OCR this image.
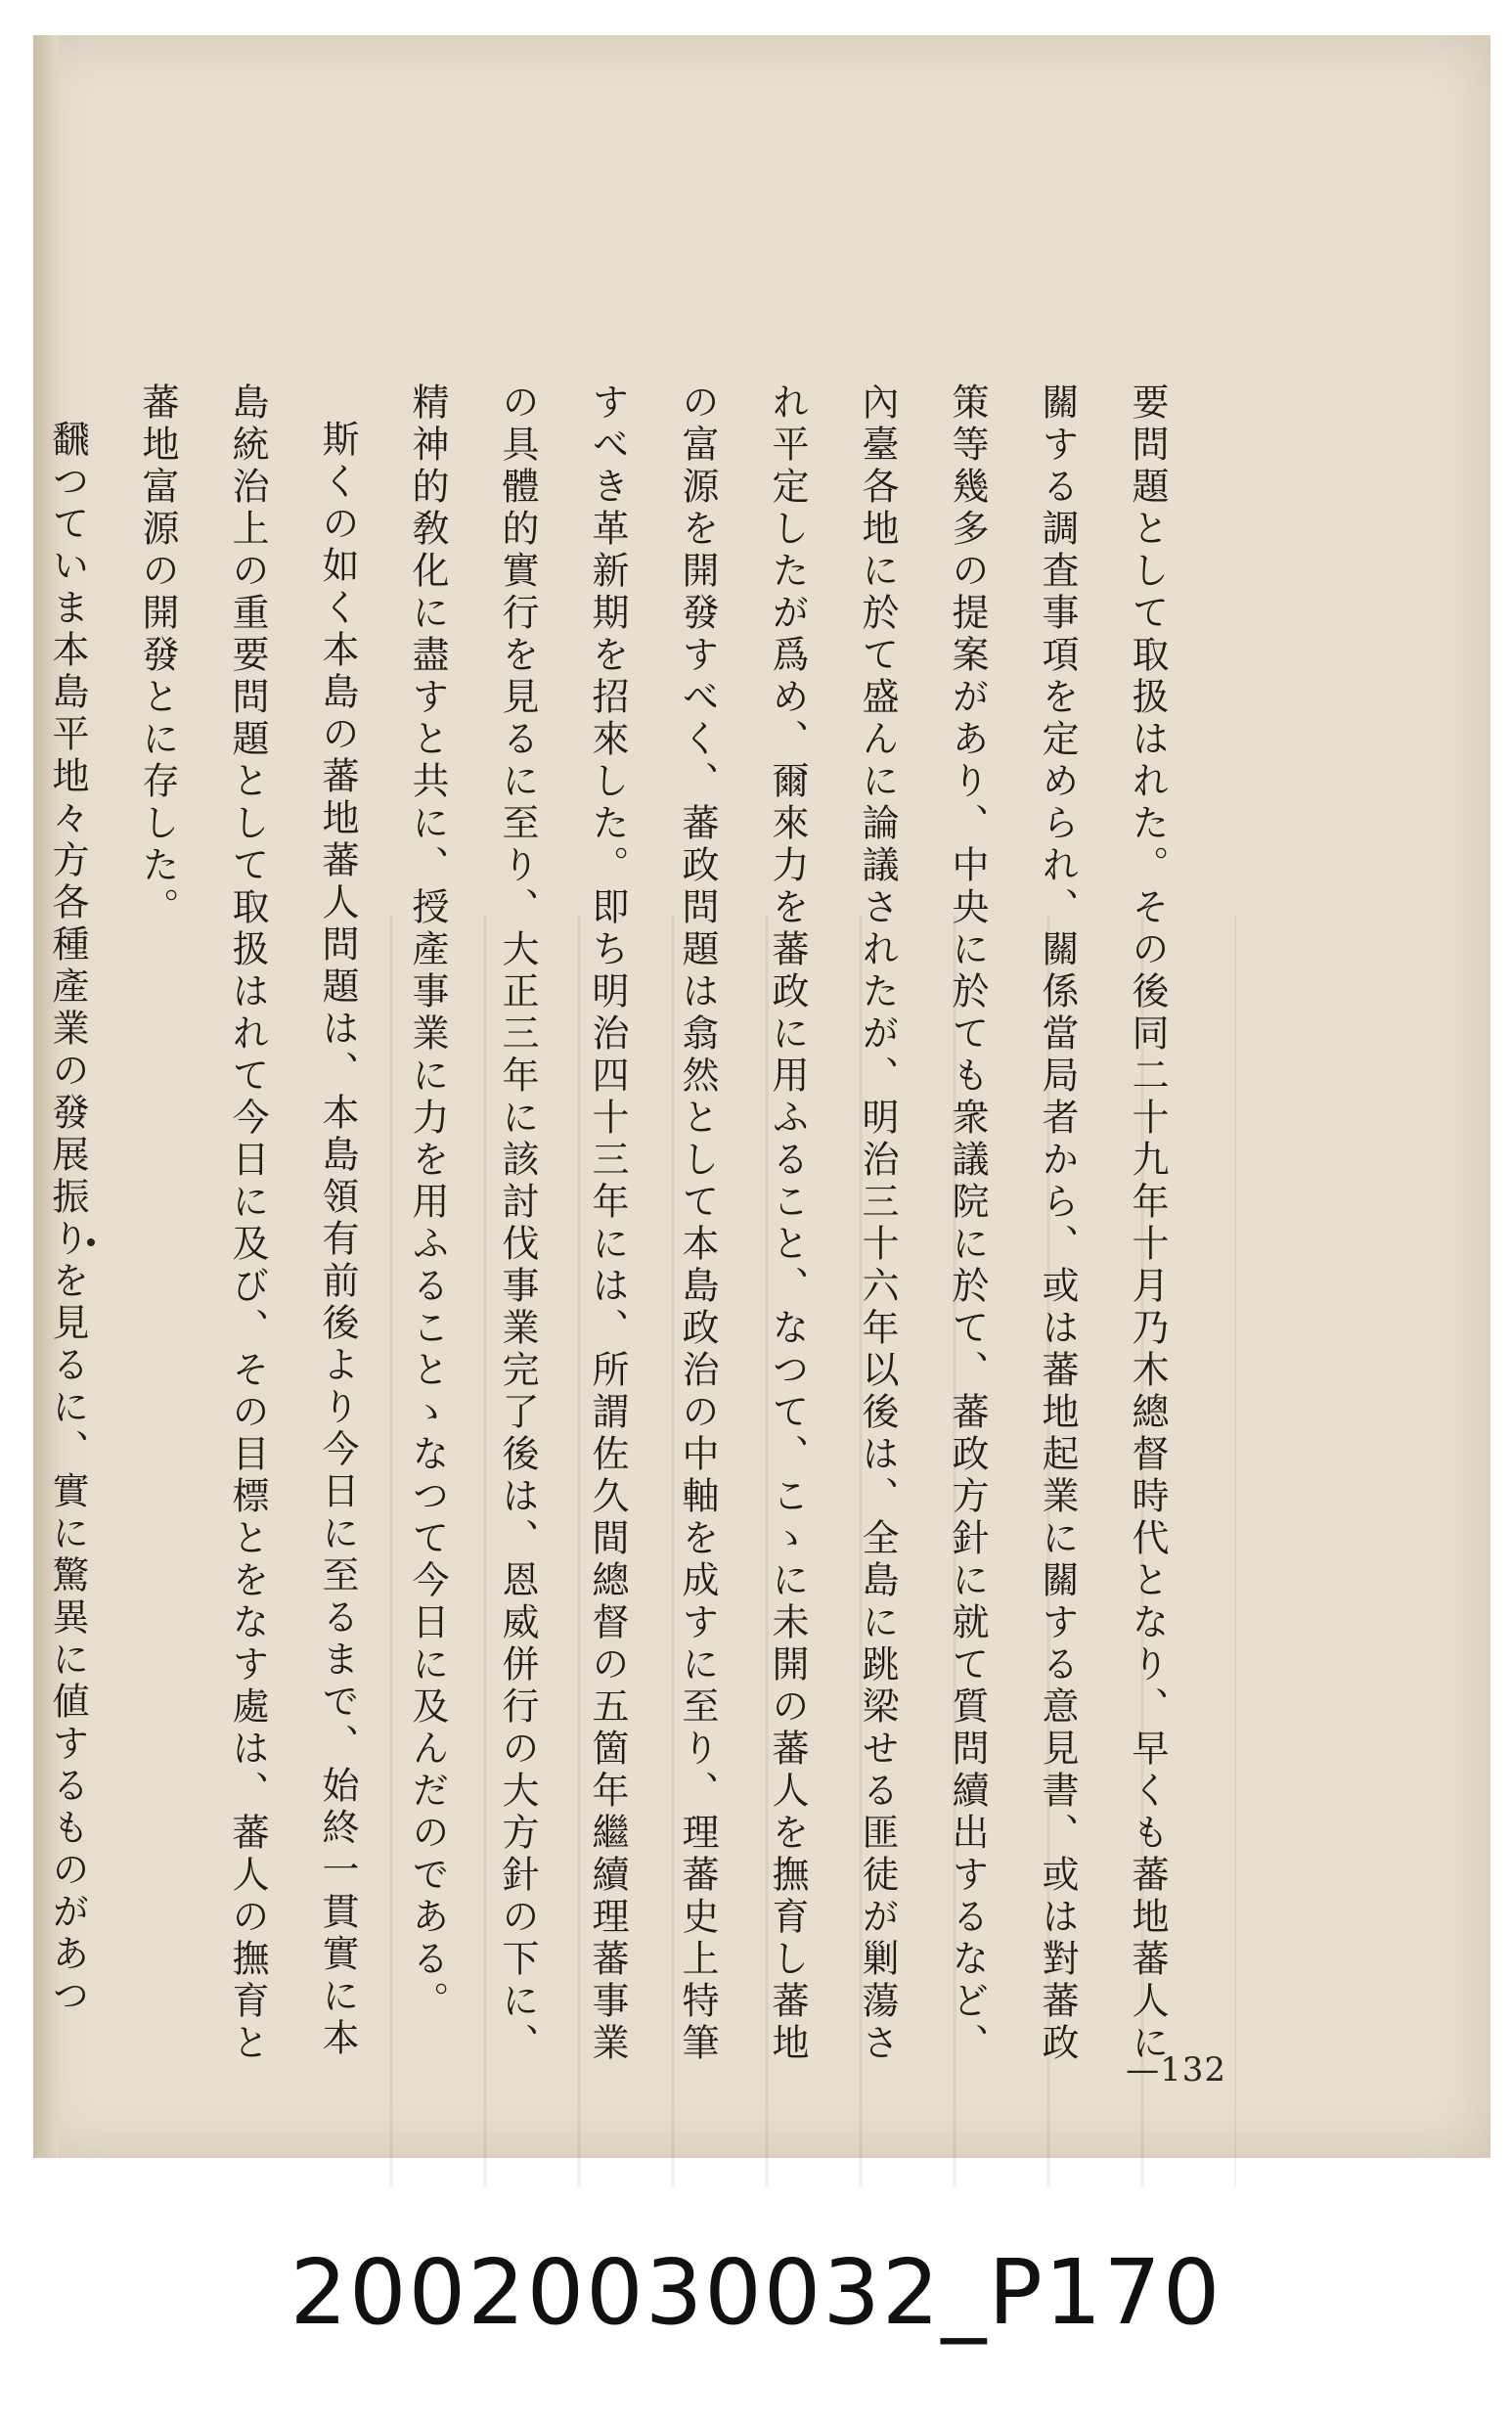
要問題として取扱はれた。その後同二十九年十月乃木總督時代となり、早くも蕃地蕃人に關する調査事項を定められ、關係當局者から、或は蕃地起業に關する意見書、或は對蕃政策等幾多の提案があり、中央に於ても衆議院に於て、蕃政方針に就て質問續出するなど、內臺各地に於て盛んに論議されたが、明治三十六年以後は、全島に跳梁せる匪徒が剿蕩され平定したが爲め、爾來力を蕃政に用ふること、なつて、こゝに未開の蕃人を撫育し蕃地の富源を開發すべく、蕃政問題は翕然として本島政治の中軸を成すに至り、理蕃史上特筆すべき革新期を招來した。即ち明治四十三年には、所謂佐久間總督の五箇年繼續理蕃事業の具體的實行を見るに至り、大正三年に該討伐事業完了後は、恩威併行の大方針の下に、精神的敎化に盡すと共に、授產事業に力を用ふることゝなつて今日に及んだのである。

斯くの如く本島の蕃地蕃人問題は、本島領有前後より今日に至るまで、始終一貫實に本島統治上の重要問題として取扱はれて今日に及び、その目標とをなす處は、蕃人の撫育と蕃地富源の開發とに存した。

飜つていま本島平地々方各種產業の發展振りを見るに、實に驚異に値するものがあつ

—132
20020030032_P170
